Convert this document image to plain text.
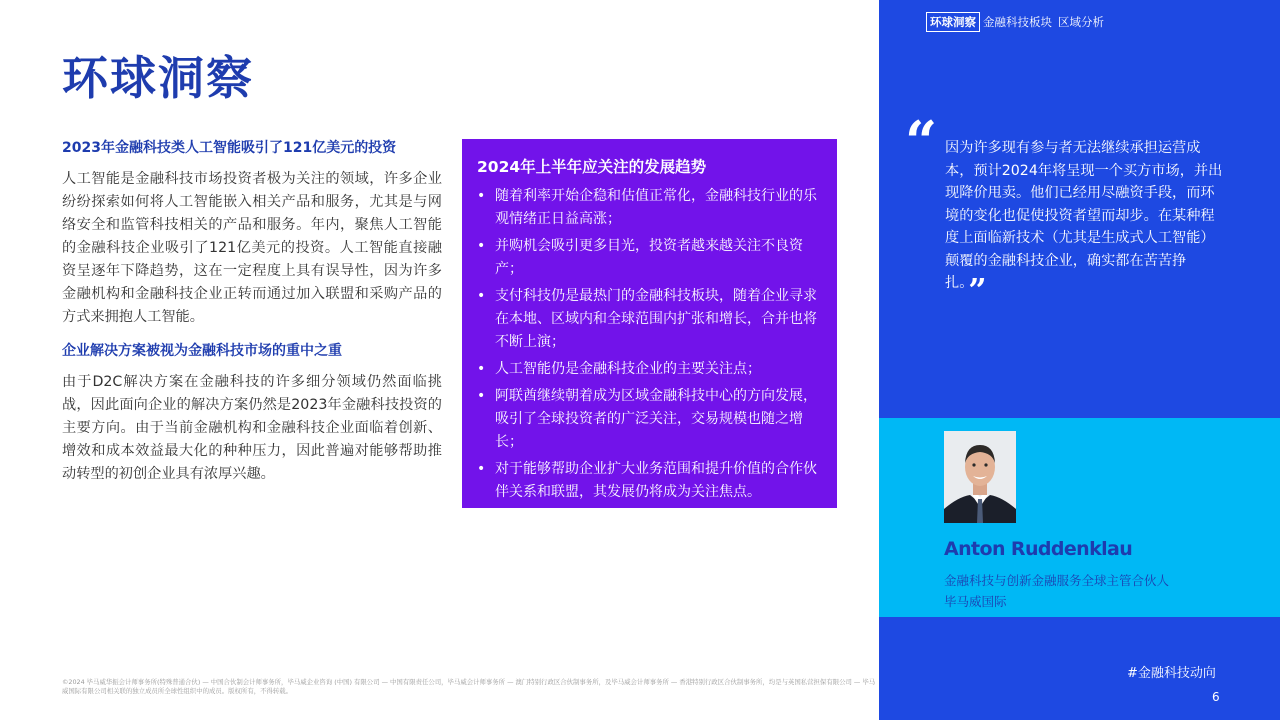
环球洞察
2023年金融科技类人工智能吸引了121亿美元的投资

人工智能是金融科技市场投资者极为关注的领域，许多企业纷纷探索如何将人工智能嵌入相关产品和服务，尤其是与网络安全和监管科技相关的产品和服务。年内，聚焦人工智能的金融科技企业吸引了121亿美元的投资。人工智能直接融资呈逐年下降趋势，这在一定程度上具有误导性，因为许多金融机构和金融科技企业正转而通过加入联盟和采购产品的方式来拥抱人工智能。

企业解决方案被视为金融科技市场的重中之重

由于D2C解决方案在金融科技的许多细分领域仍然面临挑战，因此面向企业的解决方案仍然是2023年金融科技投资的主要方向。由于当前金融机构和金融科技企业面临着创新、增效和成本效益最大化的种种压力，因此普遍对能够帮助推动转型的初创企业具有浓厚兴趣。

2024年上半年应关注的发展趋势
• 随着利率开始企稳和估值正常化，金融科技行业的乐观情绪正日益高涨；
• 并购机会吸引更多目光，投资者越来越关注不良资产；
• 支付科技仍是最热门的金融科技板块，随着企业寻求在本地、区域内和全球范围内扩张和增长，合并也将不断上演；
• 人工智能仍是金融科技企业的主要关注点；
• 阿联酋继续朝着成为区域金融科技中心的方向发展，吸引了全球投资者的广泛关注，交易规模也随之增长；
• 对于能够帮助企业扩大业务范围和提升价值的合作伙伴关系和联盟，其发展仍将成为关注焦点。
©2024 毕马威华振会计师事务所(特殊普通合伙) — 中国合伙制会计师事务所，毕马威企业咨询 (中国) 有限公司 — 中国有限责任公司，毕马威会计师事务所 — 澳门特别行政区合伙制事务所，及毕马威会计师事务所 — 香港特别行政区合伙制事务所，均是与英国私营担保有限公司 — 毕马威国际有限公司相关联的独立成员所全球性组织中的成员。版权所有，不得转载。
环球洞察 金融科技板块 区域分析
“ 因为许多现有参与者无法继续承担运营成本，预计2024年将呈现一个买方市场，并出现降价甩卖。他们已经用尽融资手段，而环境的变化也促使投资者望而却步。在某种程度上面临新技术（尤其是生成式人工智能）颠覆的金融科技企业，确实都在苦苦挣扎。”

#金融科技动向
6
Anton Ruddenklau
金融科技与创新金融服务全球主管合伙人
毕马威国际
